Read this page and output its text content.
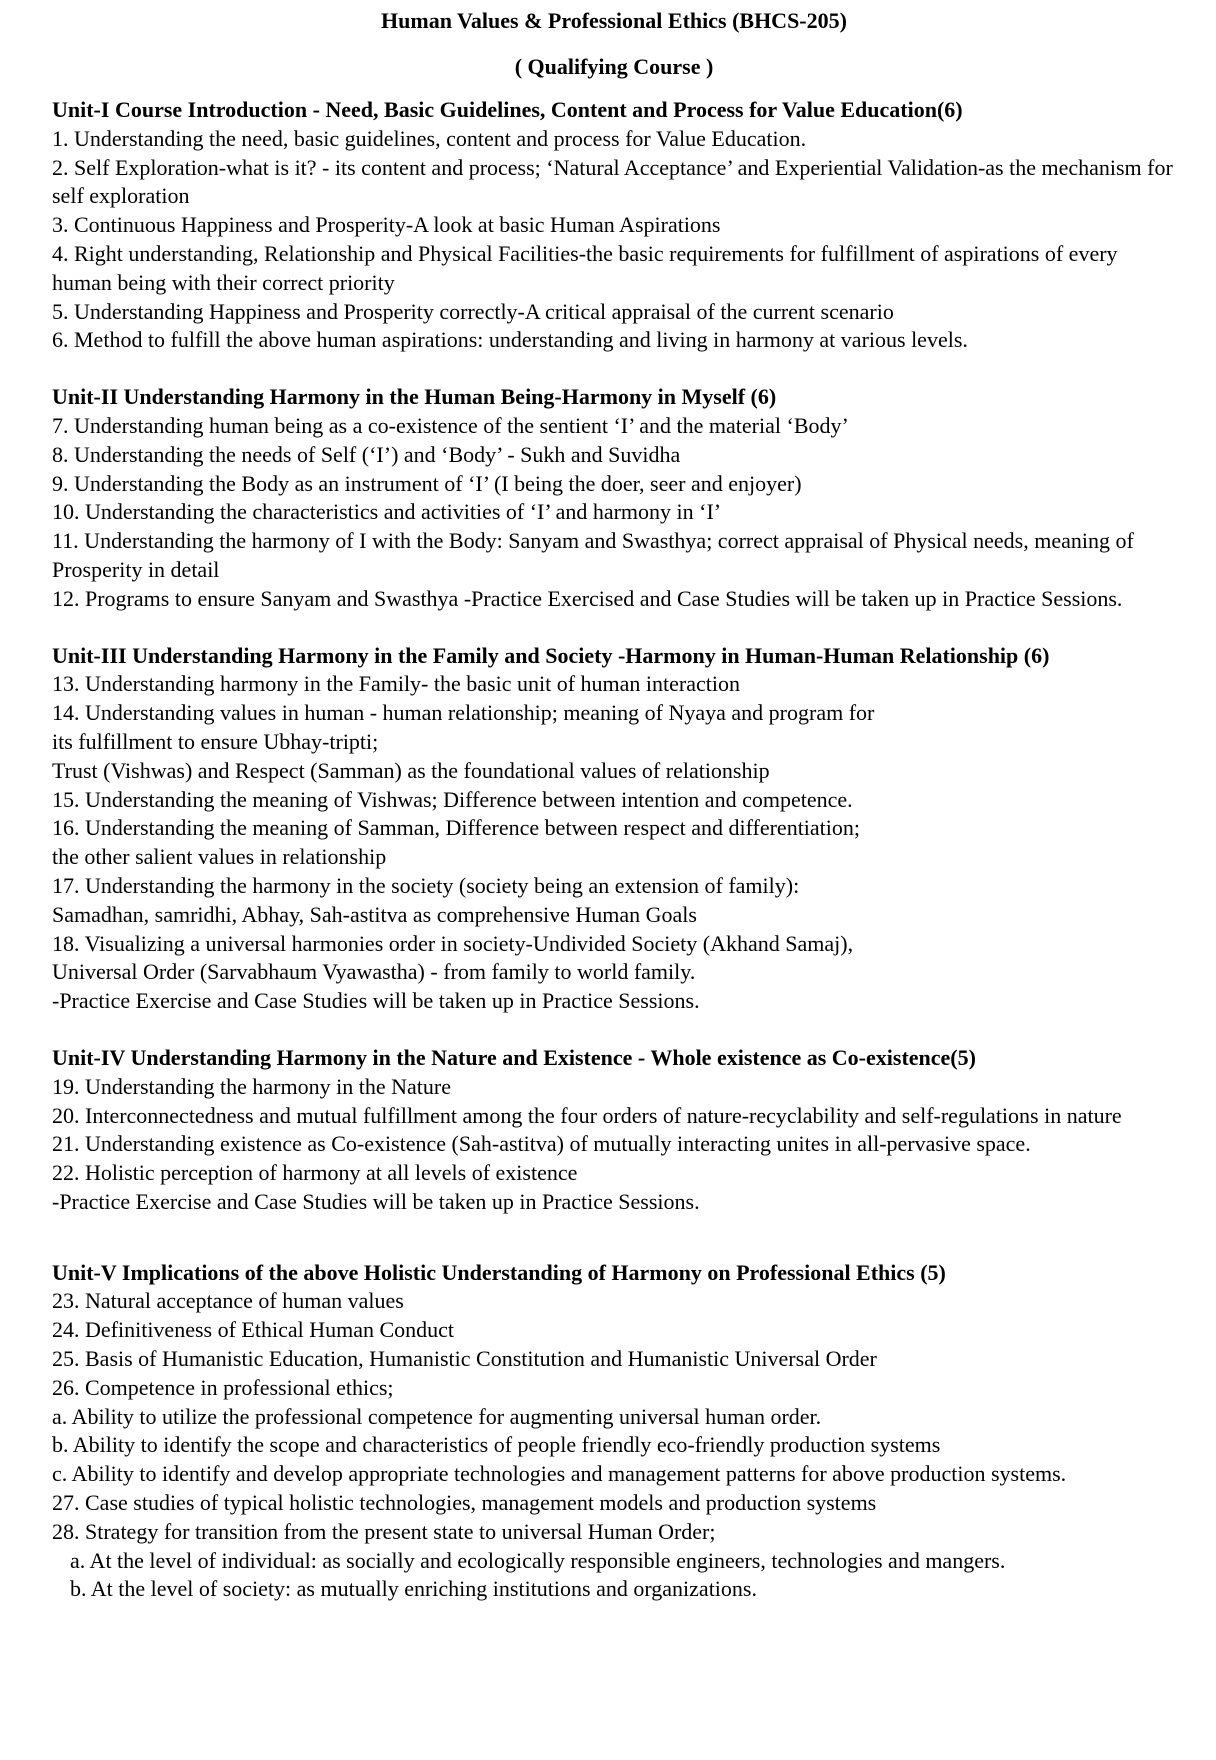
Human Values & Professional Ethics (BHCS-205)
( Qualifying Course )

Unit-I Course Introduction - Need, Basic Guidelines, Content and Process for Value Education(6)

1. Understanding the need, basic guidelines, content and process for Value Education.

2. Self Exploration-what is it? - its content and process; ‘Natural Acceptance’ and Experiential Validation-as the mechanism for self exploration

3. Continuous Happiness and Prosperity-A look at basic Human Aspirations

4. Right understanding, Relationship and Physical Facilities-the basic requirements for fulfillment of aspirations of every human being with their correct priority

5. Understanding Happiness and Prosperity correctly-A critical appraisal of the current scenario

6. Method to fulfill the above human aspirations: understanding and living in harmony at various levels.

Unit-II Understanding Harmony in the Human Being-Harmony in Myself (6)

7. Understanding human being as a co-existence of the sentient ‘I’ and the material ‘Body’

8. Understanding the needs of Self (‘I’) and ‘Body’ - Sukh and Suvidha

9. Understanding the Body as an instrument of ‘I’ (I being the doer, seer and enjoyer)

10. Understanding the characteristics and activities of ‘I’ and harmony in ‘I’

11. Understanding the harmony of I with the Body: Sanyam and Swasthya; correct appraisal of Physical needs, meaning of Prosperity in detail

12. Programs to ensure Sanyam and Swasthya -Practice Exercised and Case Studies will be taken up in Practice Sessions.

Unit-III Understanding Harmony in the Family and Society -Harmony in Human-Human Relationship (6)

13. Understanding harmony in the Family- the basic unit of human interaction

14. Understanding values in human - human relationship; meaning of Nyaya and program for

its fulfillment to ensure Ubhay-tripti;

Trust (Vishwas) and Respect (Samman) as the foundational values of relationship

15. Understanding the meaning of Vishwas; Difference between intention and competence.

16. Understanding the meaning of Samman, Difference between respect and differentiation;

the other salient values in relationship

17. Understanding the harmony in the society (society being an extension of family):

Samadhan, samridhi, Abhay, Sah-astitva as comprehensive Human Goals

18. Visualizing a universal harmonies order in society-Undivided Society (Akhand Samaj),

Universal Order (Sarvabhaum Vyawastha) - from family to world family.

-Practice Exercise and Case Studies will be taken up in Practice Sessions.

Unit-IV Understanding Harmony in the Nature and Existence - Whole existence as Co-existence(5)

19. Understanding the harmony in the Nature

20. Interconnectedness and mutual fulfillment among the four orders of nature-recyclability and self-regulations in nature

21. Understanding existence as Co-existence (Sah-astitva) of mutually interacting unites in all-pervasive space.

22. Holistic perception of harmony at all levels of existence

-Practice Exercise and Case Studies will be taken up in Practice Sessions.

Unit-V Implications of the above Holistic Understanding of Harmony on Professional Ethics (5)

23. Natural acceptance of human values

24. Definitiveness of Ethical Human Conduct

25. Basis of Humanistic Education, Humanistic Constitution and Humanistic Universal Order

26. Competence in professional ethics;

a. Ability to utilize the professional competence for augmenting universal human order.

b. Ability to identify the scope and characteristics of people friendly eco-friendly production systems

c. Ability to identify and develop appropriate technologies and management patterns for above production systems.

27. Case studies of typical holistic technologies, management models and production systems

28. Strategy for transition from the present state to universal Human Order;

a. At the level of individual: as socially and ecologically responsible engineers, technologies and mangers.

b. At the level of society: as mutually enriching institutions and organizations.
